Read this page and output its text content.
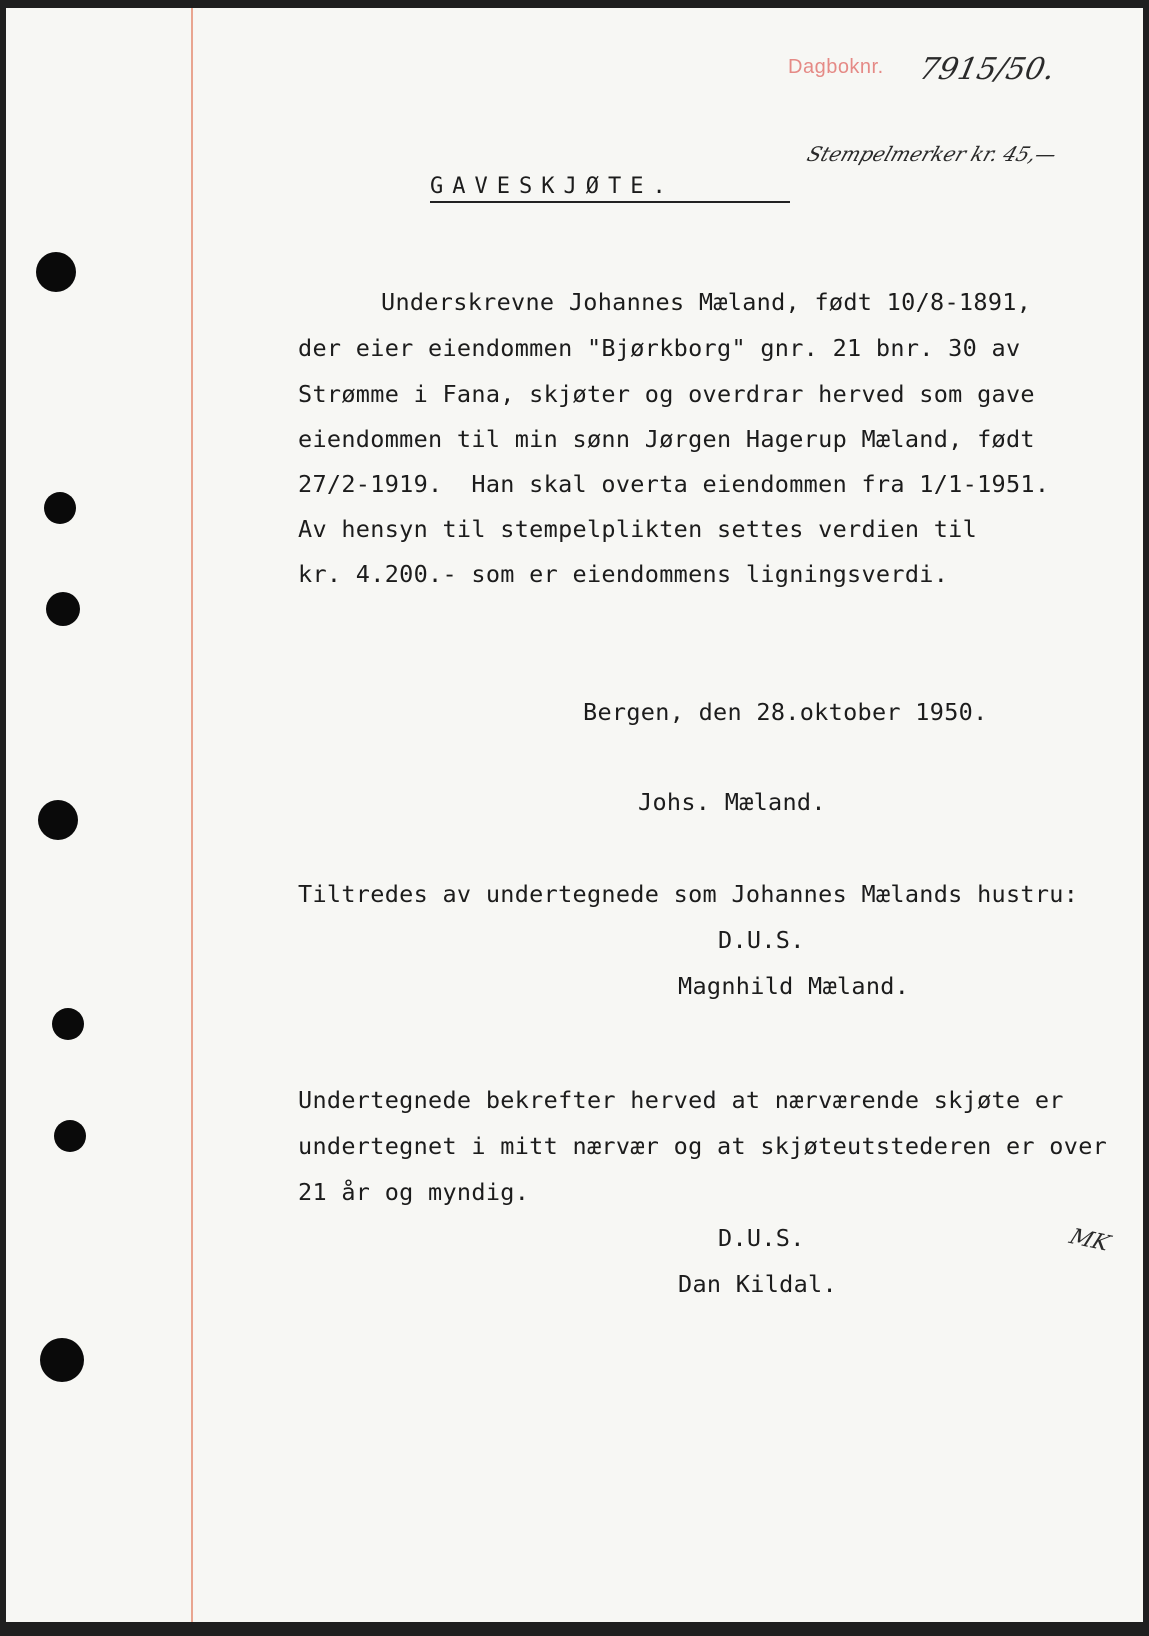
Dagboknr. 7915/50.
Stempelmerker kr. 45,—
GAVESKJØTE.
Underskrevne Johannes Mæland, født 10/8-1891,
der eier eiendommen "Bjørkborg" gnr. 21 bnr. 30 av
Strømme i Fana, skjøter og overdrar herved som gave
eiendommen til min sønn Jørgen Hagerup Mæland, født
27/2-1919.  Han skal overta eiendommen fra 1/1-1951.
Av hensyn til stempelplikten settes verdien til
kr. 4.200.- som er eiendommens ligningsverdi.
Bergen, den 28.oktober 1950.
Johs. Mæland.
Tiltredes av undertegnede som Johannes Mælands hustru:
D.U.S.
Magnhild Mæland.
Undertegnede bekrefter herved at nærværende skjøte er
undertegnet i mitt nærvær og at skjøteutstederen er over
21 år og myndig.
D.U.S.
Dan Kildal.
MK
